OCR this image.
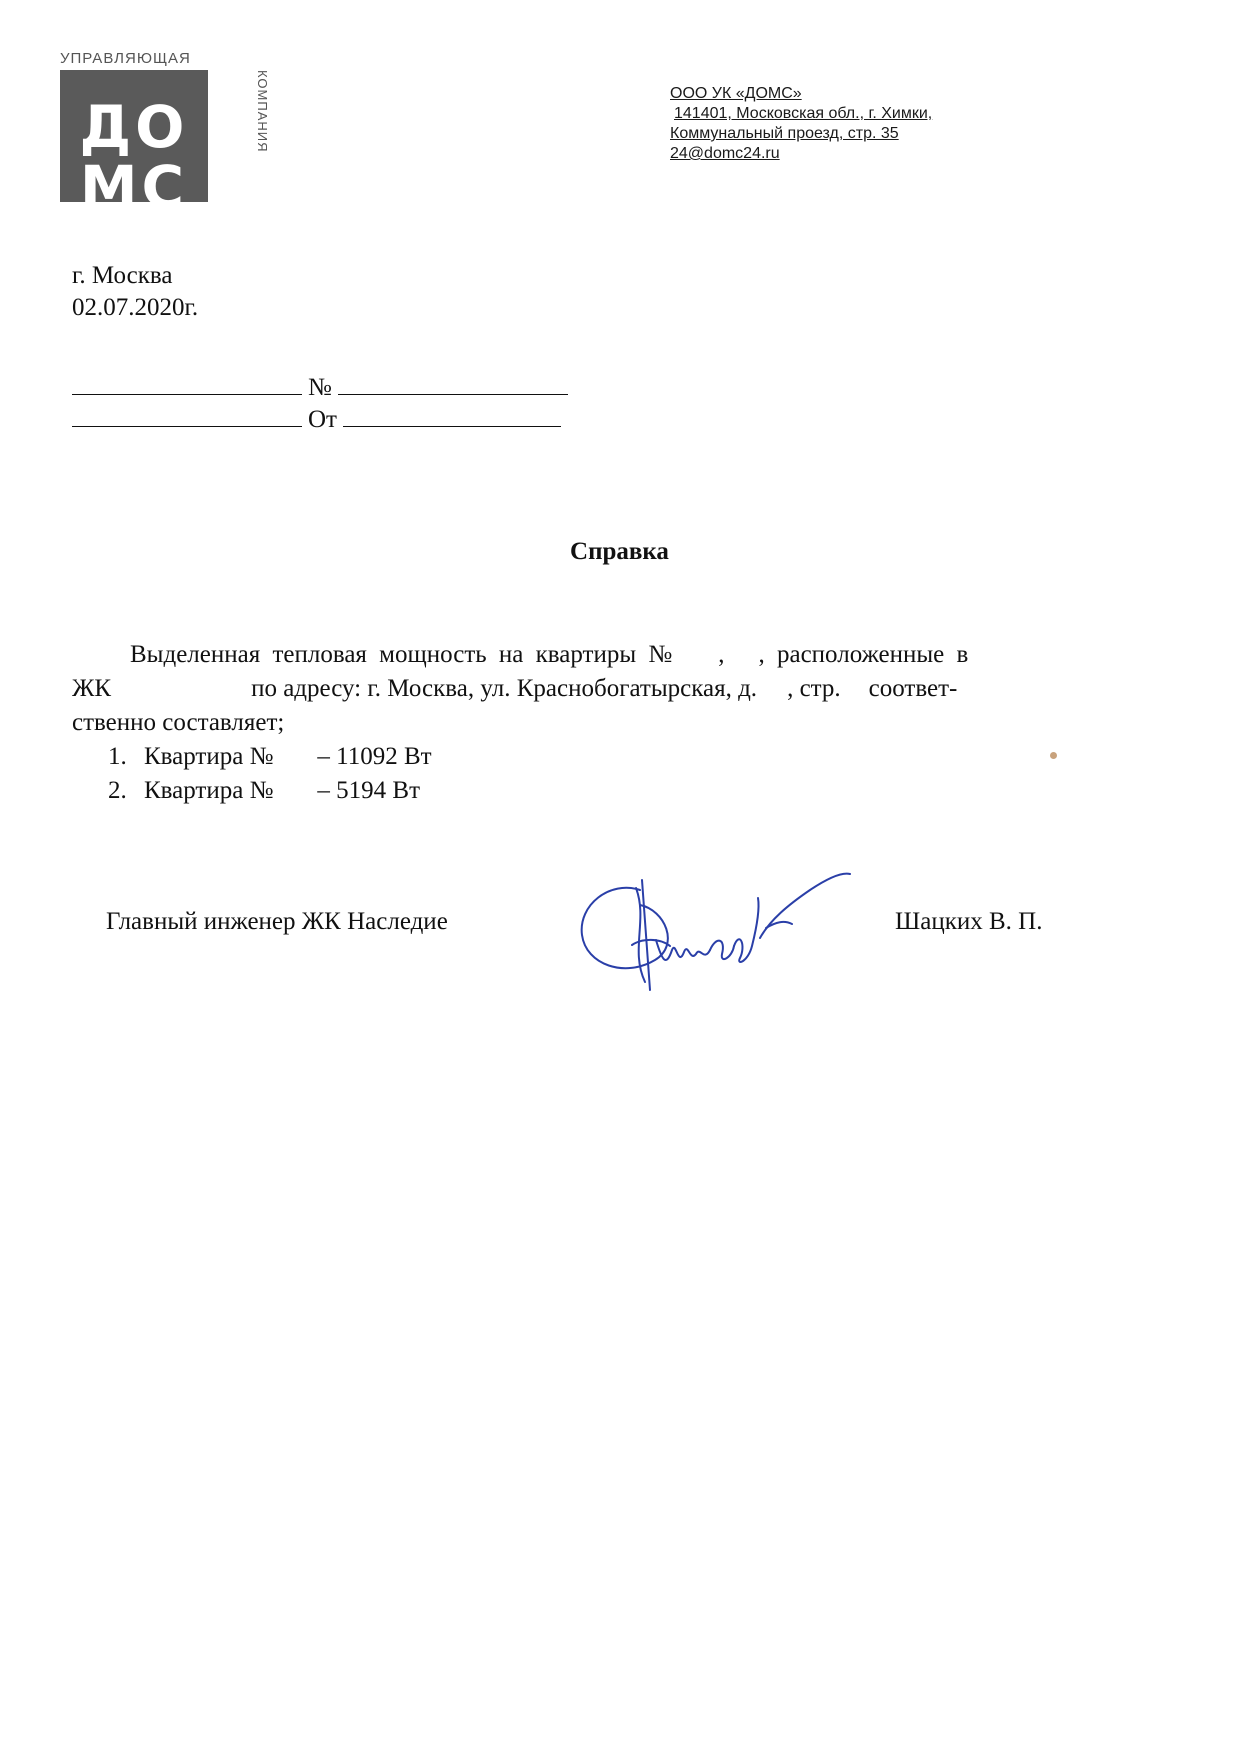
УПРАВЛЯЮЩАЯ
ДО
МС
КОМПАНИЯ	ООО УК «ДОМС»
141401, Московская обл., г. Химки,
Коммунальный проезд, стр. 35
24@domc24.ru
г. Москва
02.07.2020г.
№
От
Справка
Выделенная тепловая мощность на квартиры № , , расположенные в
ЖК	по адресу: г. Москва, ул. Краснобогатырская, д. , стр. соответ-
ственно составляет;
1. Квартира № – 11092 Вт
2. Квартира № – 5194 Вт
Главный инженер ЖК Наследие	Шацких В. П.
